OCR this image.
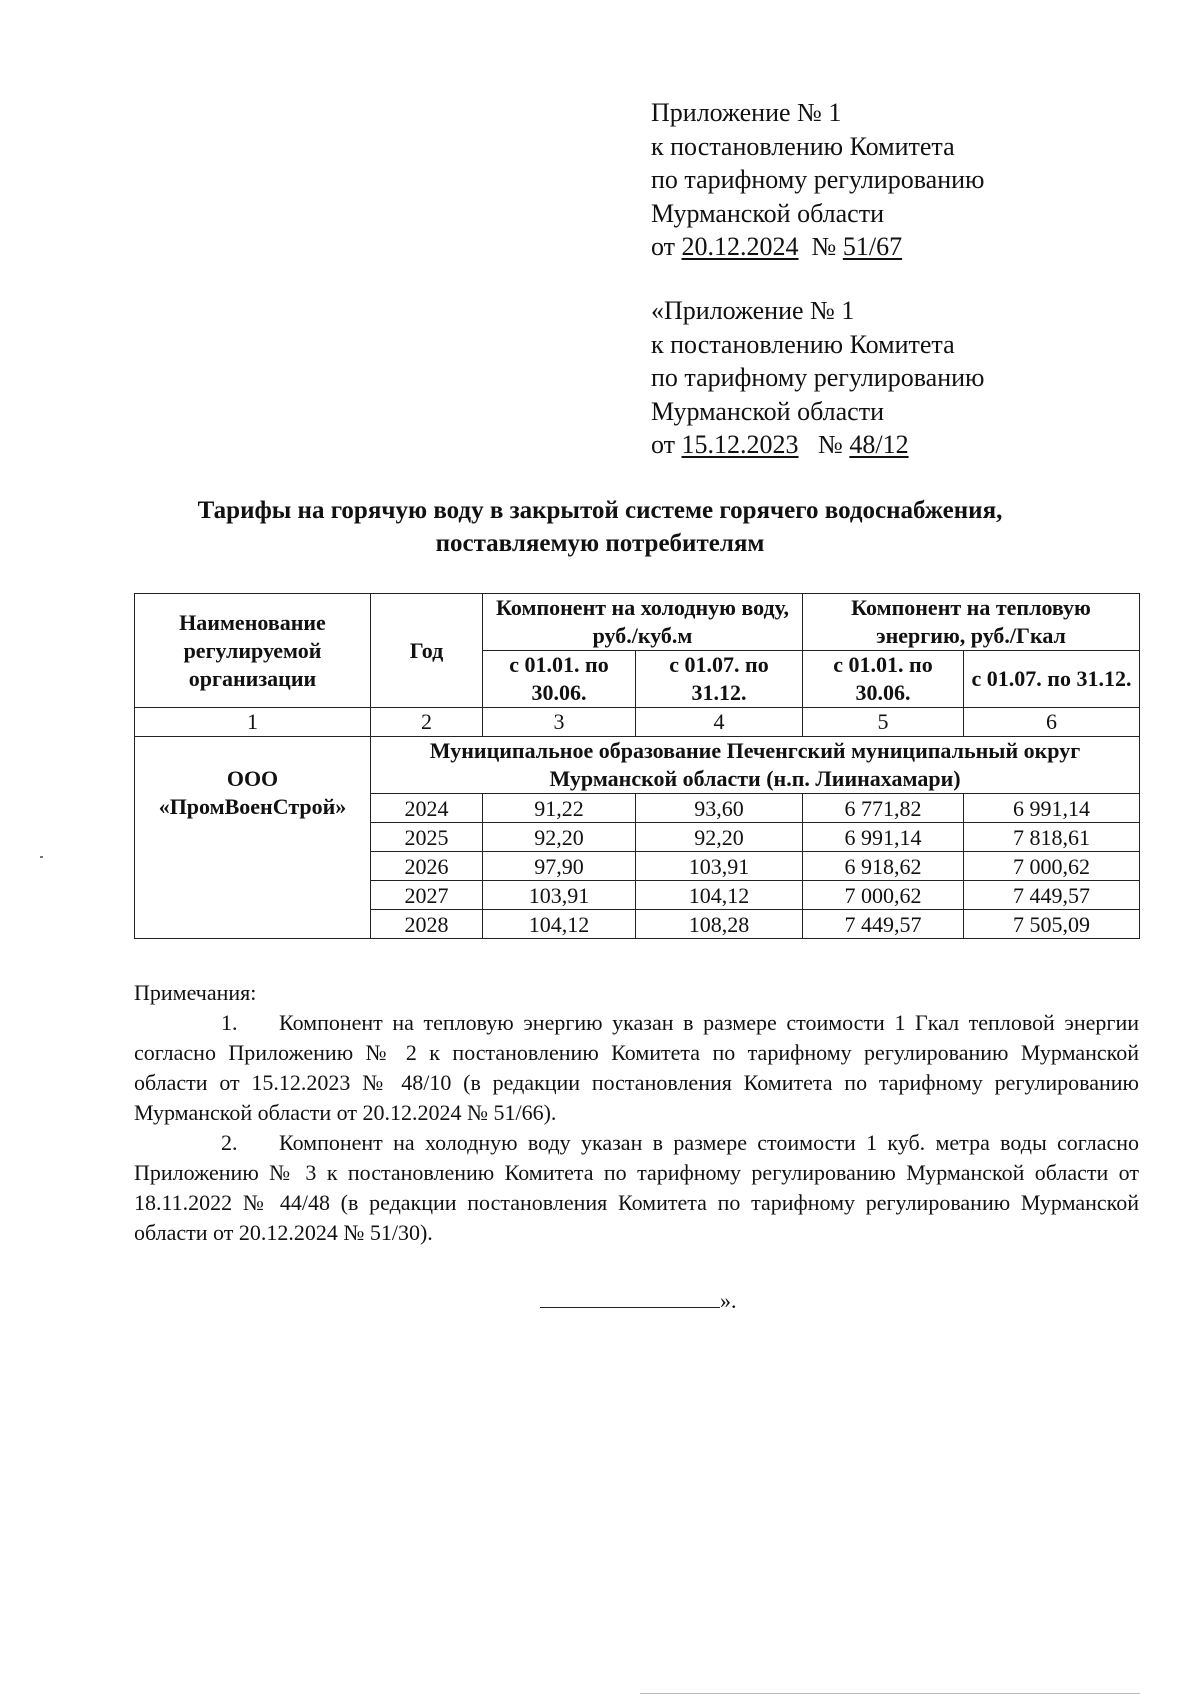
Приложение № 1
к постановлению Комитета
по тарифному регулированию
Мурманской области
от 20.12.2024 № 51/67
«Приложение № 1
к постановлению Комитета
по тарифному регулированию
Мурманской области
от 15.12.2023 № 48/12
Тарифы на горячую воду в закрытой системе горячего водоснабжения,
поставляемую потребителям
Наименование регулируемой организации	Год	Компонент на холодную воду, руб./куб.м		Компонент на тепловую энергию, руб./Гкал	
		с 01.01. по 30.06.	с 01.07. по 31.12.	с 01.01. по 30.06.	с 01.07. по 31.12.
1	2	3	4	5	6

ООО
«ПромВоенСтрой»	Муниципальное образование Печенгский муниципальный округ Мурманской области (н.п. Лиинахамари)				
	2024	91,22	93,60	6 771,82	6 991,14
	2025	92,20	92,20	6 991,14	7 818,61
	2026	97,90	103,91	6 918,62	7 000,62
	2027	103,91	104,12	7 000,62	7 449,57
	2028	104,12	108,28	7 449,57	7 505,09

Примечания:

1. Компонент на тепловую энергию указан в размере стоимости 1 Гкал тепловой энергии согласно Приложению № 2 к постановлению Комитета по тарифному регулированию Мурманской области от 15.12.2023 № 48/10 (в редакции постановления Комитета по тарифному регулированию Мурманской области от 20.12.2024 № 51/66).

2. Компонент на холодную воду указан в размере стоимости 1 куб. метра воды согласно Приложению № 3 к постановлению Комитета по тарифному регулированию Мурманской области от 18.11.2022 № 44/48 (в редакции постановления Комитета по тарифному регулированию Мурманской области от 20.12.2024 № 51/30).

».
